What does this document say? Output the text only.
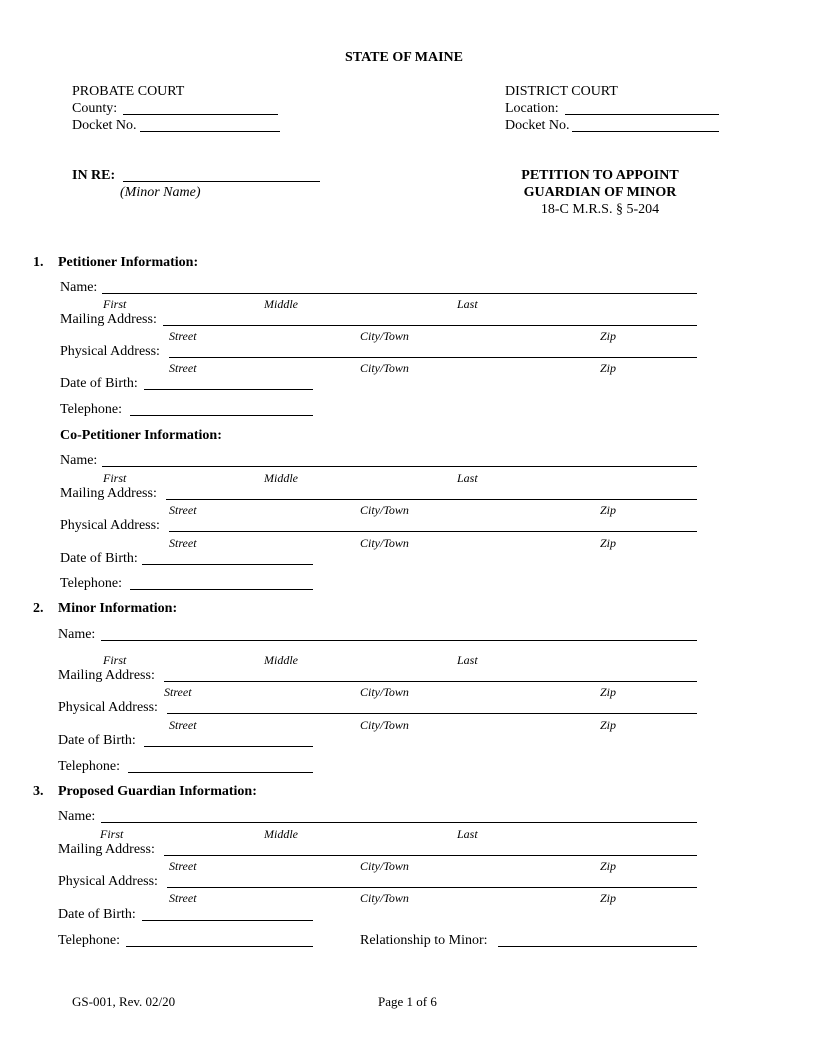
STATE OF MAINE
PROBATE COURT
County:
Docket No.
DISTRICT COURT
Location:
Docket No.
IN RE:
(Minor Name)
PETITION TO APPOINT
GUARDIAN OF MINOR
18-C M.R.S. § 5-204
1. Petitioner Information:
Name:
First	Middle	Last
Mailing Address:
Street	City/Town	Zip
Physical Address:
Street	City/Town	Zip
Date of Birth:
Telephone:
Co-Petitioner Information:
Name:
First	Middle	Last
Mailing Address:
Street	City/Town	Zip
Physical Address:
Street	City/Town	Zip
Date of Birth:
Telephone:
2. Minor Information:
Name:
First	Middle	Last
Mailing Address:
Street	City/Town	Zip
Physical Address:
Street	City/Town	Zip
Date of Birth:
Telephone:
3. Proposed Guardian Information:
Name:
First	Middle	Last
Mailing Address:
Street	City/Town	Zip
Physical Address:
Street	City/Town	Zip
Date of Birth:
Telephone:	Relationship to Minor:
GS-001, Rev. 02/20	Page 1 of 6
